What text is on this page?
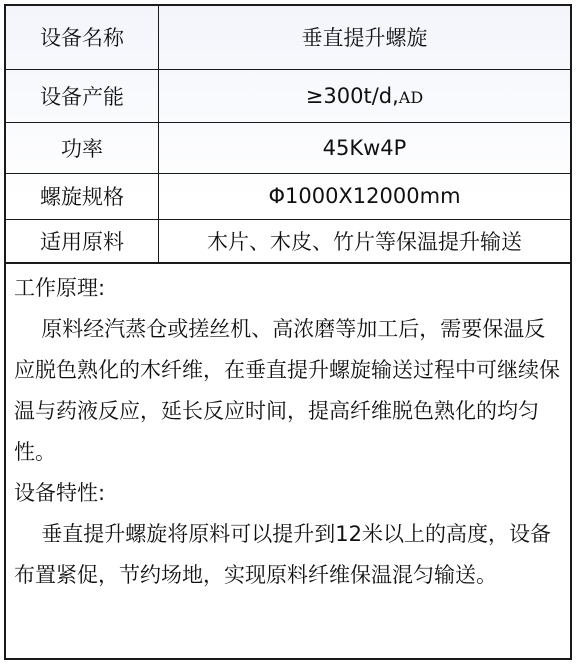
设备名称	垂直提升螺旋
设备产能	≥300t/d,AD
功率	45Kw4P
螺旋规格	Φ1000X12000mm
适用原料	木片、木皮、竹片等保温提升输送

工作原理:

原料经汽蒸仓或搓丝机、高浓磨等加工后，需要保温反应脱色熟化的木纤维，在垂直提升螺旋输送过程中可继续保温与药液反应，延长反应时间，提高纤维脱色熟化的均匀性。

设备特性:

垂直提升螺旋将原料可以提升到12米以上的高度，设备布置紧促，节约场地，实现原料纤维保温混匀输送。
